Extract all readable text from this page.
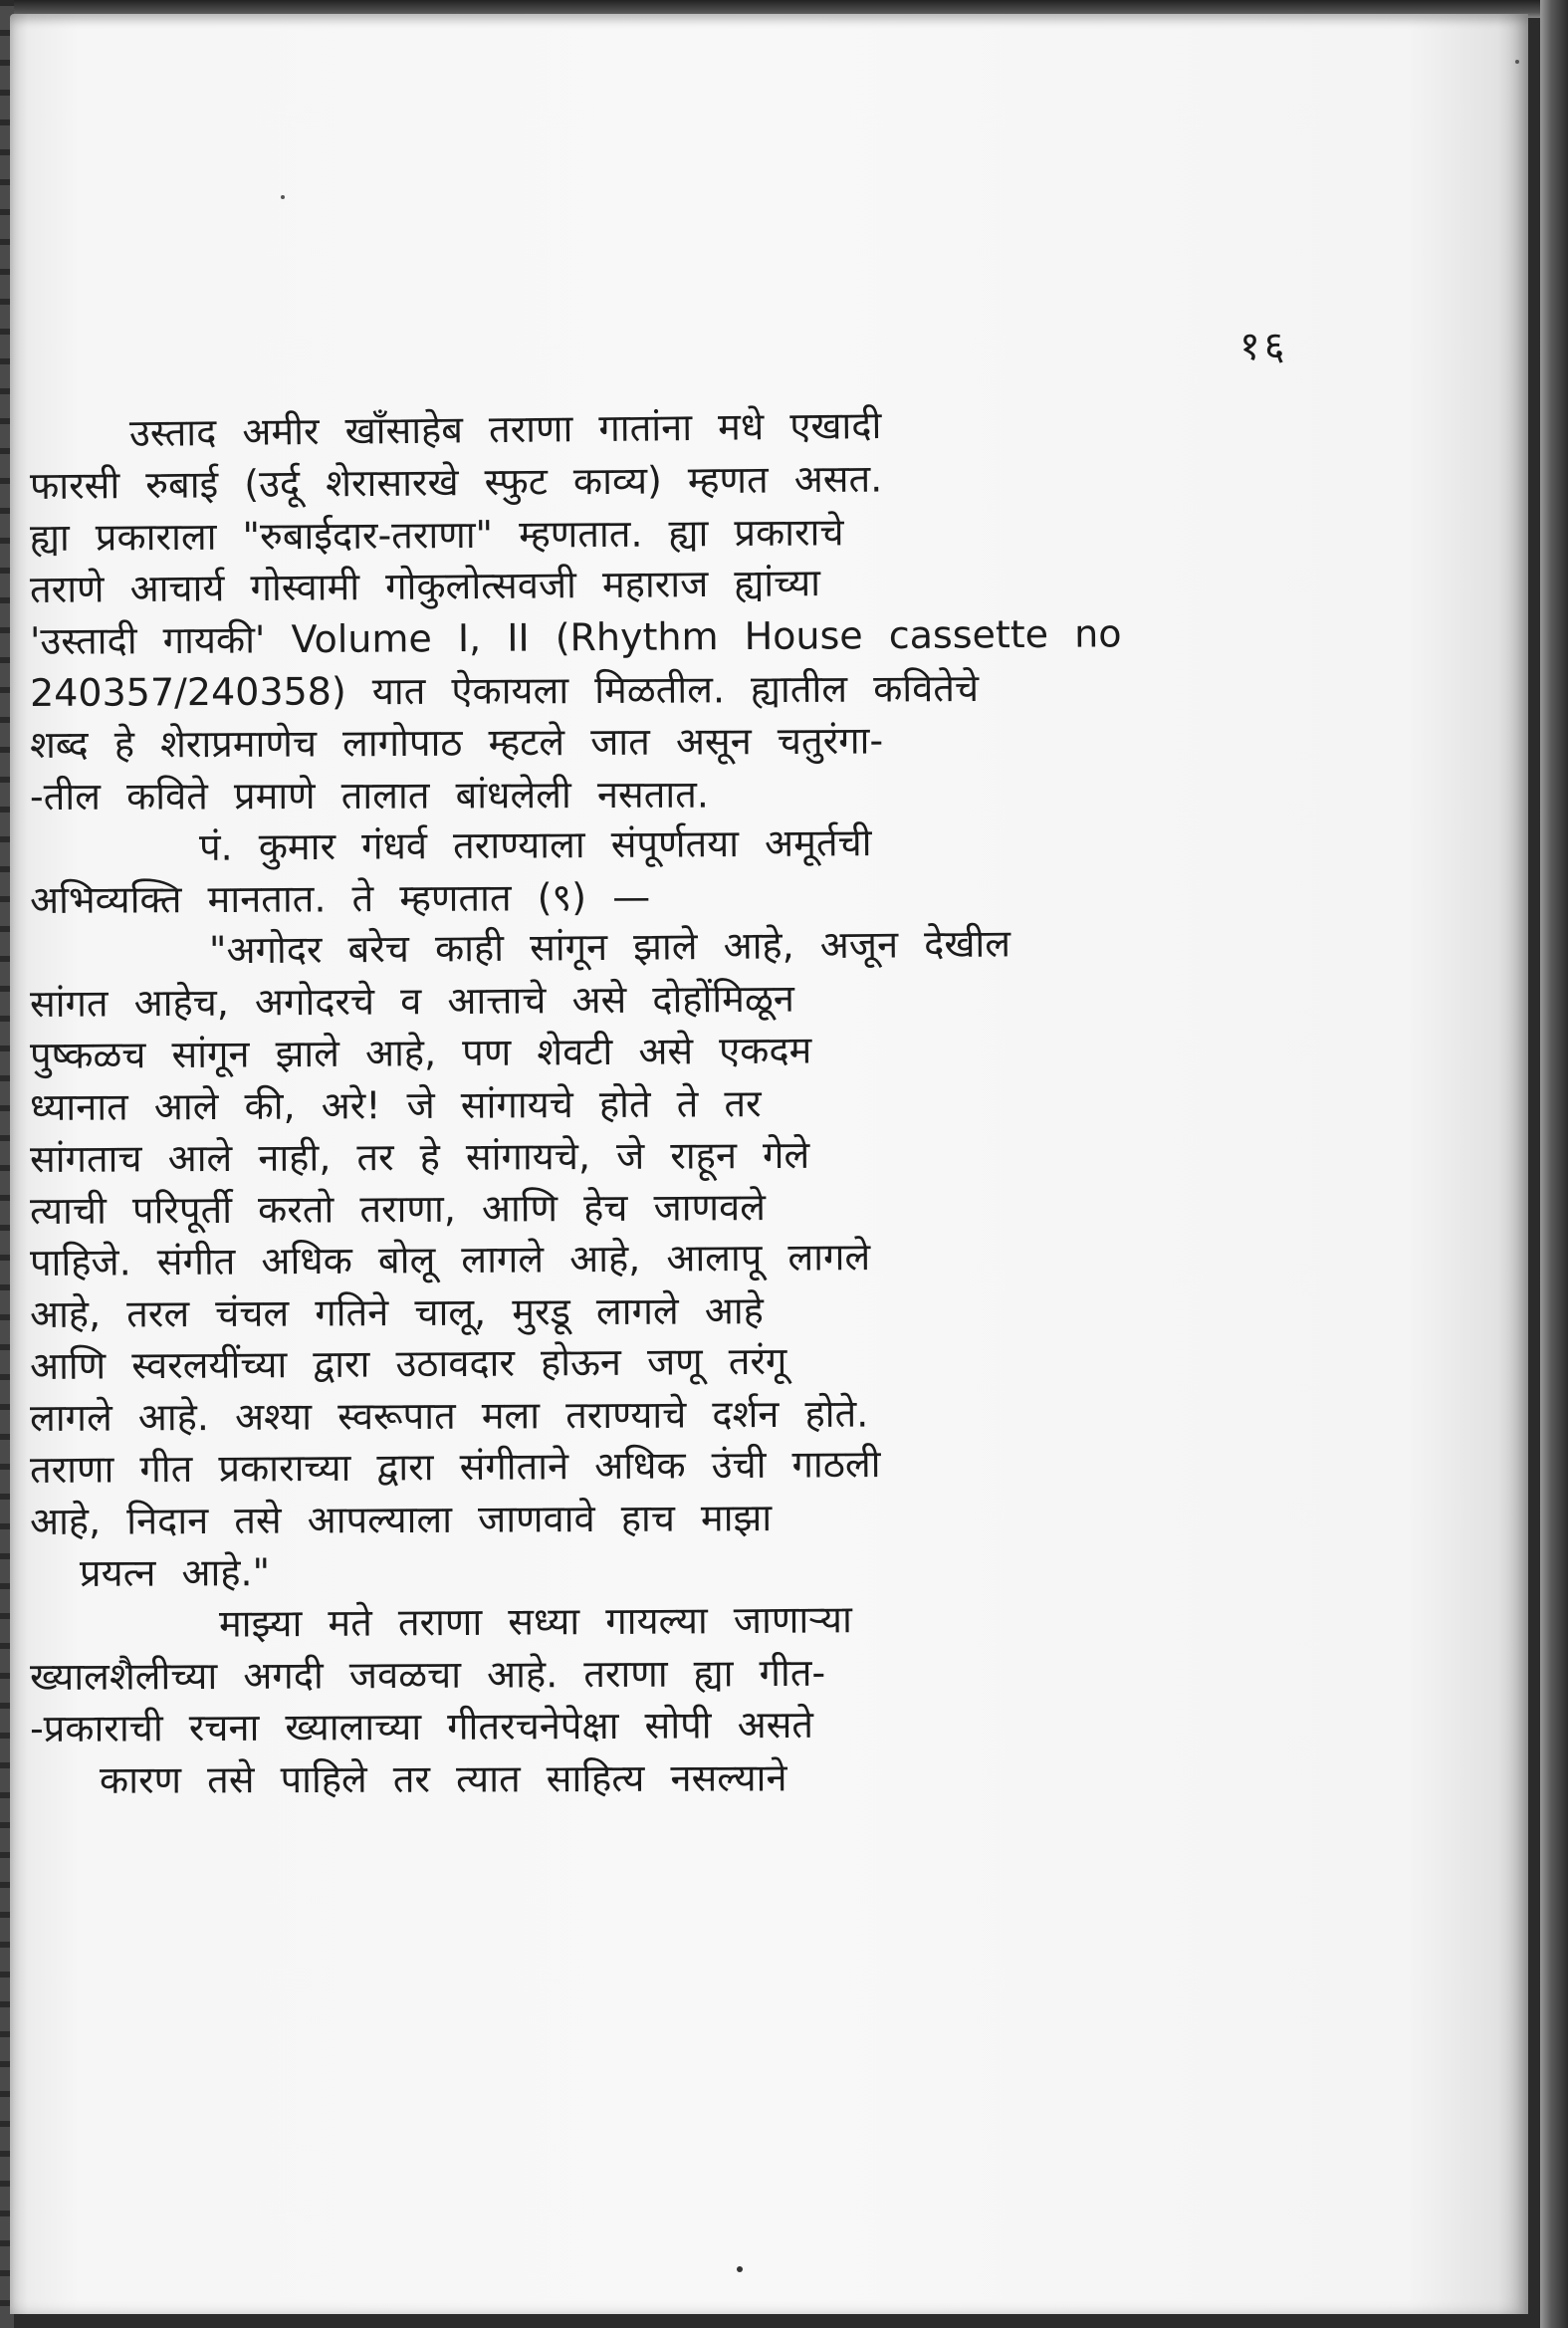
१६
उस्ताद अमीर खाँसाहेब तराणा गातांना मधे एखादी
फारसी रुबाई (उर्दू शेरासारखे स्फुट काव्य) म्हणत असत.
ह्या प्रकाराला "रुबाईदार-तराणा" म्हणतात. ह्या प्रकाराचे
तराणे आचार्य गोस्वामी गोकुलोत्सवजी महाराज ह्यांच्या
'उस्तादी गायकी' Volume I, II (Rhythm House cassette no
240357/240358) यात ऐकायला मिळतील. ह्यातील कवितेचे
शब्द हे शेराप्रमाणेच लागोपाठ म्हटले जात असून चतुरंगा-
-तील कविते प्रमाणे तालात बांधलेली नसतात.
पं. कुमार गंधर्व तराण्याला संपूर्णतया अमूर्तची
अभिव्यक्ति मानतात. ते म्हणतात (९) —
"अगोदर बरेच काही सांगून झाले आहे, अजून देखील
सांगत आहेच, अगोदरचे व आत्ताचे असे दोहोंमिळून
पुष्कळच सांगून झाले आहे, पण शेवटी असे एकदम
ध्यानात आले की, अरे! जे सांगायचे होते ते तर
सांगताच आले नाही, तर हे सांगायचे, जे राहून गेले
त्याची परिपूर्ती करतो तराणा, आणि हेच जाणवले
पाहिजे. संगीत अधिक बोलू लागले आहे, आलापू लागले
आहे, तरल चंचल गतिने चालू, मुरडू लागले आहे
आणि स्वरलयींच्या द्वारा उठावदार होऊन जणू तरंगू
लागले आहे. अश्या स्वरूपात मला तराण्याचे दर्शन होते.
तराणा गीत प्रकाराच्या द्वारा संगीताने अधिक उंची गाठली
आहे, निदान तसे आपल्याला जाणवावे हाच माझा
प्रयत्न आहे."
माझ्या मते तराणा सध्या गायल्या जाणाऱ्या
ख्यालशैलीच्या अगदी जवळचा आहे. तराणा ह्या गीत-
-प्रकाराची रचना ख्यालाच्या गीतरचनेपेक्षा सोपी असते
कारण तसे पाहिले तर त्यात साहित्य नसल्याने
